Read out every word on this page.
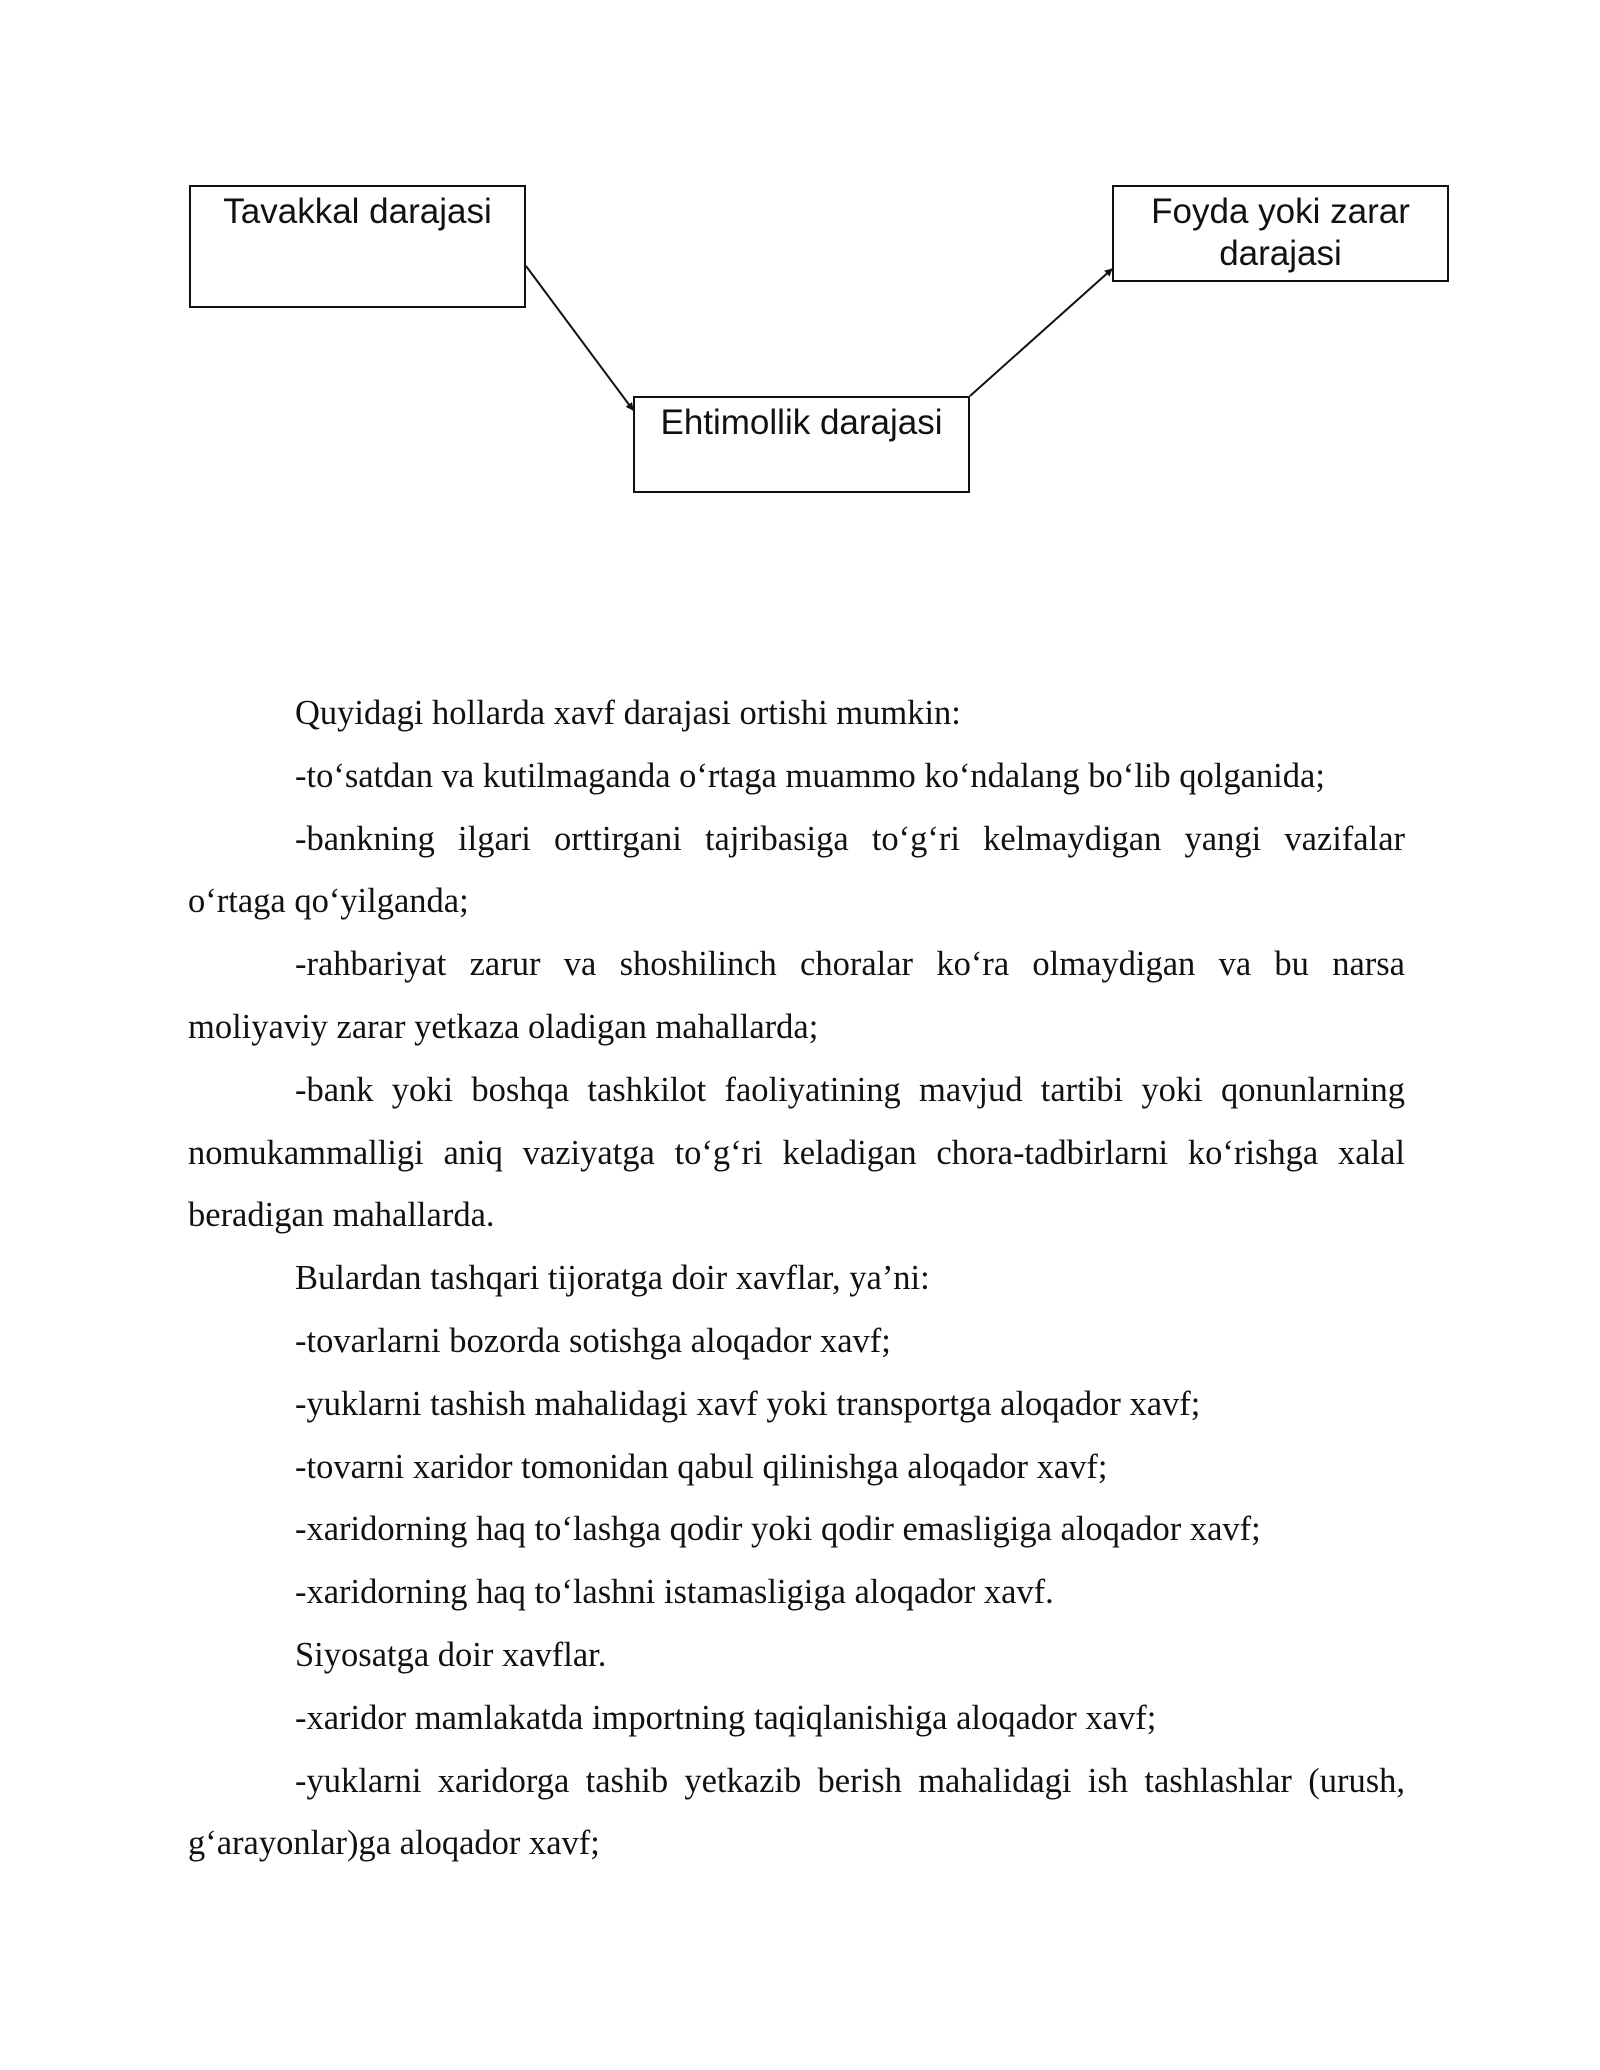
Tavakkal darajasi	Foyda yoki zarar
darajasi
Ehtimollik darajasi

Quyidagi hollarda xavf darajasi ortishi mumkin:

-to‘satdan va kutilmaganda o‘rtaga muammo ko‘ndalang bo‘lib qolganida;

-bankning ilgari orttirgani tajribasiga to‘g‘ri kelmaydigan yangi vazifalar o‘rtaga qo‘yilganda;

-rahbariyat zarur va shoshilinch choralar ko‘ra olmaydigan va bu narsa moliyaviy zarar yetkaza oladigan mahallarda;

-bank yoki boshqa tashkilot faoliyatining mavjud tartibi yoki qonunlarning nomukammalligi aniq vaziyatga to‘g‘ri keladigan chora-tadbirlarni ko‘rishga xalal beradigan mahallarda.

Bulardan tashqari tijoratga doir xavflar, ya’ni:

-tovarlarni bozorda sotishga aloqador xavf;

-yuklarni tashish mahalidagi xavf yoki transportga aloqador xavf;

-tovarni xaridor tomonidan qabul qilinishga aloqador xavf;

-xaridorning haq to‘lashga qodir yoki qodir emasligiga aloqador xavf;

-xaridorning haq to‘lashni istamasligiga aloqador xavf.

Siyosatga doir xavflar.

-xaridor mamlakatda importning taqiqlanishiga aloqador xavf;

-yuklarni xaridorga tashib yetkazib berish mahalidagi ish tashlashlar (urush, g‘arayonlar)ga aloqador xavf;
